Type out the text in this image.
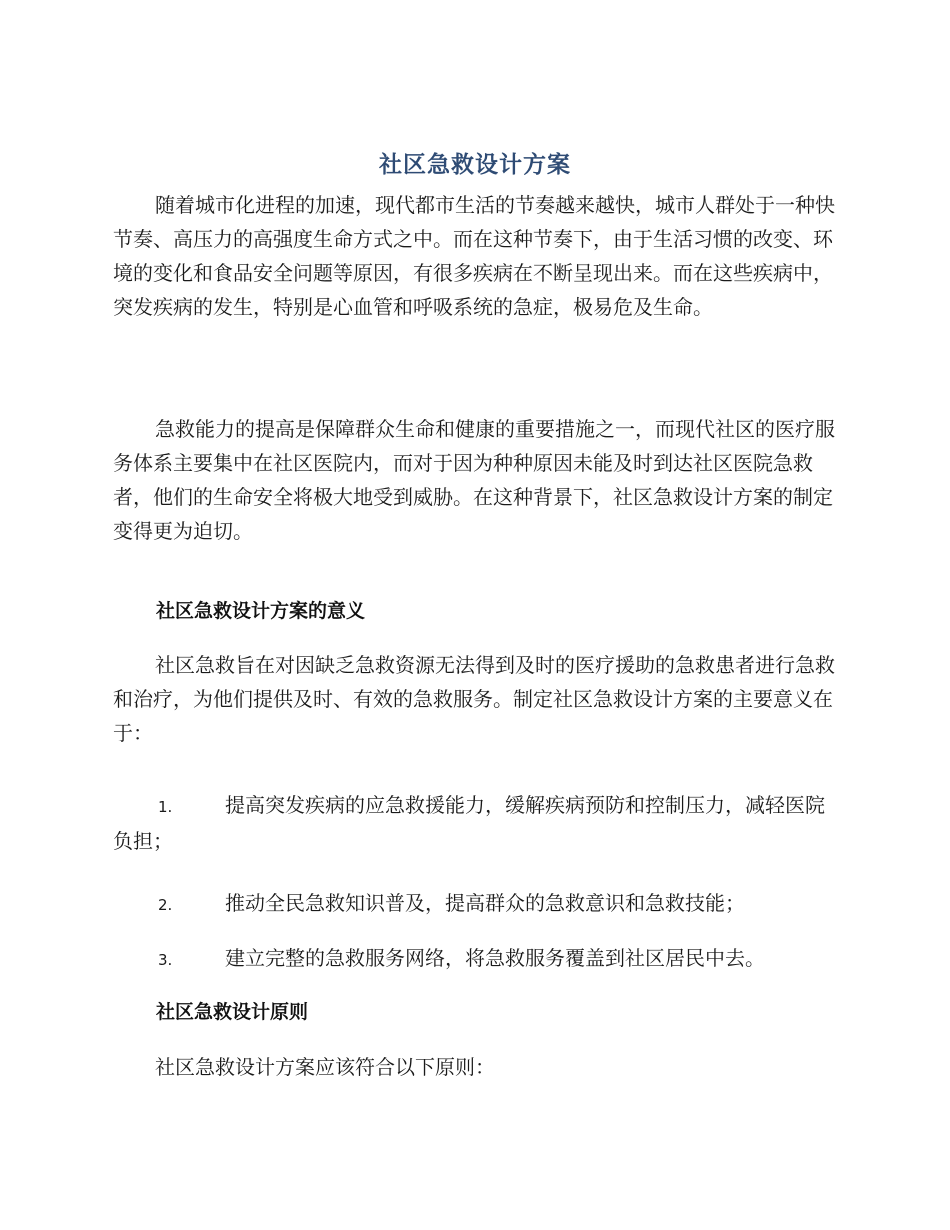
社区急救设计方案

随着城市化进程的加速，现代都市生活的节奏越来越快，城市人群处于一种快节奏、高压力的高强度生命方式之中。而在这种节奏下，由于生活习惯的改变、环境的变化和食品安全问题等原因，有很多疾病在不断呈现出来。而在这些疾病中，突发疾病的发生，特别是心血管和呼吸系统的急症，极易危及生命。

急救能力的提高是保障群众生命和健康的重要措施之一，而现代社区的医疗服务体系主要集中在社区医院内，而对于因为种种原因未能及时到达社区医院急救者，他们的生命安全将极大地受到威胁。在这种背景下，社区急救设计方案的制定变得更为迫切。

社区急救设计方案的意义

社区急救旨在对因缺乏急救资源无法得到及时的医疗援助的急救患者进行急救和治疗，为他们提供及时、有效的急救服务。制定社区急救设计方案的主要意义在于：

1.	提高突发疾病的应急救援能力，缓解疾病预防和控制压力，减轻医院负担；

2.	推动全民急救知识普及，提高群众的急救意识和急救技能；

3.	建立完整的急救服务网络，将急救服务覆盖到社区居民中去。

社区急救设计原则

社区急救设计方案应该符合以下原则：
